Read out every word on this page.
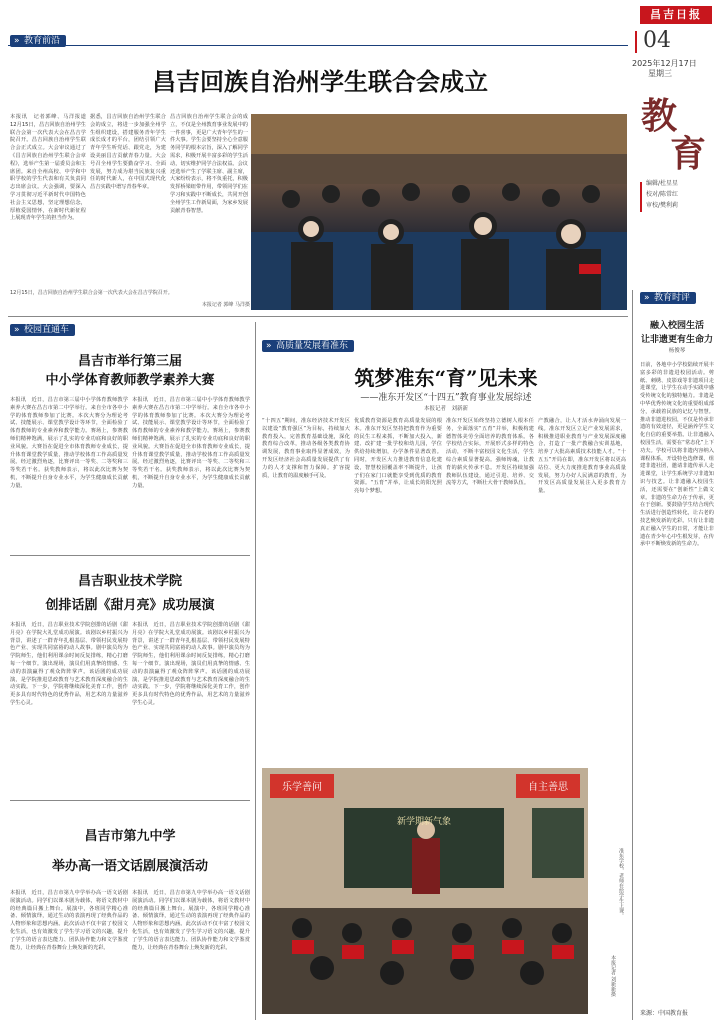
昌吉日报
04
2025年12月17日
星期三
教
育
编辑/杜星星
校对/陈常红
审校/樊利莉
» 教育前沿
昌吉回族自治州学生联合会成立
本报讯　记者郭峰、马洋报道　12月15日，昌吉回族自治州学生联合会第一次代表大会在昌吉学院召开。昌吉回族自治州学生联合会正式成立。大会审议通过了《昌吉回族自治州学生联合会章程》，选举产生第一届委员会和主席团。来自全州高校、中学和中职学校的学生代表和有关负责同志出席会议。大会强调，要深入学习贯彻习近平新时代中国特色社会主义思想，坚定理想信念，厚植爱国情怀，在新时代新征程上展现青年学生的担当作为。
据悉，昌吉回族自治州学生联合会的成立，将进一步加强全州学生组织建设，搭建服务青年学生成长成才的平台，团结引领广大青年学生听党话、跟党走，为建设美丽昌吉贡献青春力量。大会号召全州学生要勤奋学习、全面发展，努力成为堪当民族复兴重任的时代新人，在中国式现代化昌吉实践中谱写青春华章。
昌吉回族自治州学生联合会的成立，不仅是全州教育事业发展中的一件喜事，更是广大青年学生的一件大事。学生会要坚持全心全意服务同学的根本宗旨，深入了解同学需求，积极开展丰富多彩的学生活动，切实维护同学合法权益。会议还选举产生了学联主席、副主席，大家纷纷表示，将不负重托，积极发挥桥梁纽带作用，带领同学们在学习和实践中不断成长，共同开创全州学生工作新局面，为家乡发展贡献青春智慧。
12月15日，昌吉回族自治州学生联合会第一次代表大会在昌吉学院召开。
本报记者 郭峰 马洋摄
» 校园直通车
昌吉市举行第三届
中小学体育教师教学素养大赛
本报讯　近日，昌吉市第三届中小学体育教师教学素养大赛在昌吉市第二中学举行。来自全市各中小学的体育教师参加了比赛。本次大赛分为理论考试、技能展示、课堂教学设计等环节，全面检验了体育教师的专业素养和教学能力。赛场上，参赛教师们精神饱满，展示了扎实的专业功底和良好的职业风貌。大赛旨在促进全市体育教师专业成长，提升体育课堂教学质量，推动学校体育工作高质量发展。经过激烈角逐，比赛评出一等奖、二等奖和三等奖若干名。获奖教师表示，将以此次比赛为契机，不断提升自身专业水平，为学生健康成长贡献力量。
本报讯　近日，昌吉市第三届中小学体育教师教学素养大赛在昌吉市第二中学举行。来自全市各中小学的体育教师参加了比赛。本次大赛分为理论考试、技能展示、课堂教学设计等环节，全面检验了体育教师的专业素养和教学能力。赛场上，参赛教师们精神饱满，展示了扎实的专业功底和良好的职业风貌。大赛旨在促进全市体育教师专业成长，提升体育课堂教学质量，推动学校体育工作高质量发展。经过激烈角逐，比赛评出一等奖、二等奖和三等奖若干名。获奖教师表示，将以此次比赛为契机，不断提升自身专业水平，为学生健康成长贡献力量。
昌吉职业技术学院
创排话剧《甜月亮》成功展演
本报讯　近日，昌吉职业技术学院创排的话剧《甜月亮》在学院大礼堂成功展演。该剧以乡村振兴为背景，讲述了一群青年扎根基层、带领村民发展特色产业、实现共同富裕的动人故事。剧中演员均为学院师生，他们利用课余时间反复排练，精心打磨每一个细节。演出现场，演员们用真挚的情感、生动的表演赢得了观众阵阵掌声。该话剧的成功展演，是学院推进思政教育与艺术教育深度融合的生动实践。下一步，学院将继续深化美育工作，创作更多具有时代特色的优秀作品，用艺术的力量滋养学生心灵。
本报讯　近日，昌吉职业技术学院创排的话剧《甜月亮》在学院大礼堂成功展演。该剧以乡村振兴为背景，讲述了一群青年扎根基层、带领村民发展特色产业、实现共同富裕的动人故事。剧中演员均为学院师生，他们利用课余时间反复排练，精心打磨每一个细节。演出现场，演员们用真挚的情感、生动的表演赢得了观众阵阵掌声。该话剧的成功展演，是学院推进思政教育与艺术教育深度融合的生动实践。下一步，学院将继续深化美育工作，创作更多具有时代特色的优秀作品，用艺术的力量滋养学生心灵。
昌吉市第九中学
举办高一语文话剧展演活动
本报讯　近日，昌吉市第九中学举办高一语文话剧展演活动。同学们以课本剧为载体，将语文教材中的经典篇目搬上舞台。展演中，各班同学精心准备、倾情演绎，通过生动的表演再现了经典作品的人物形象和思想内涵。此次活动不仅丰富了校园文化生活，也有效激发了学生学习语文的兴趣，提升了学生的语言表达能力、团队协作能力和文学鉴赏能力，让经典在青春舞台上焕发新的光彩。
本报讯　近日，昌吉市第九中学举办高一语文话剧展演活动。同学们以课本剧为载体，将语文教材中的经典篇目搬上舞台。展演中，各班同学精心准备、倾情演绎，通过生动的表演再现了经典作品的人物形象和思想内涵。此次活动不仅丰富了校园文化生活，也有效激发了学生学习语文的兴趣，提升了学生的语言表达能力、团队协作能力和文学鉴赏能力，让经典在青春舞台上焕发新的光彩。
» 高质量发展看准东
筑梦准东“育”见未来
——准东开发区“十四五”教育事业发展综述
本报记者　刘新新
“十四五”期间，准东经济技术开发区以建设“教育强区”为目标，持续加大教育投入，完善教育基础设施，深化教育综合改革，推动各级各类教育协调发展，教育事业取得显著成效，为开发区经济社会高质量发展提供了有力的人才支撑和智力保障。扩容提质，让教育的温度触手可及。
优质教育资源是教育高质量发展的根本。准东开发区坚持把教育作为重要的民生工程来抓，不断加大投入，新建、改扩建一批学校和幼儿园，学位供给持续增加，办学条件显著改善。同时，开发区大力推进教育信息化建设，智慧校园覆盖率不断提升，让孩子们在家门口就能享受到优质的教育资源。“五育”并举，让成长的阳光照亮每个梦想。
准东开发区始终坚持立德树人根本任务，全面落实“五育”并举，积极构建德智体美劳全面培养的教育体系。各学校结合实际，开展形式多样的特色活动，不断丰富校园文化生活，学生综合素质显著提高。强师铸魂，让教育的薪火传承不息。开发区持续加强教师队伍建设，通过引进、培养、交流等方式，不断壮大骨干教师队伍。
产教融合，让人才活水奔涌向发展一线。准东开发区立足产业发展需求，积极推进职业教育与产业发展深度融合，打造了一批产教融合实训基地，培养了大批高素质技术技能人才。“十五五”开局在即，准东开发区将以更高站位、更大力度推进教育事业高质量发展，努力办好人民满意的教育，为开发区高质量发展注入更多教育力量。
乐学善问	自主善思
新学期新气象
准东学校，老师在给学生上课。
本报记者 刘新新摄
» 教育时评
融入校园生活
让非遗更有生命力
杨俊琴
日前，各地中小学校陆续开展丰富多彩的非遗进校园活动。剪纸、刺绣、皮影戏等非遗项目走进课堂，让学生在动手实践中感受传统文化的独特魅力。非遗是中华优秀传统文化的重要组成部分，承载着民族的记忆与智慧。推动非遗进校园，不仅是传承非遗的有效途径，更是涵养学生文化自信的重要举措。让非遗融入校园生活，需要在“常态化”上下功夫。学校可以将非遗内容纳入课程体系，开设特色选修课，组建非遗社团，邀请非遗传承人走进课堂，让学生系统学习非遗知识与技艺。让非遗融入校园生活，还需要在“创新性”上做文章。非遗的生命力在于传承，更在于创新。要鼓励学生结合现代生活进行创造性转化，让古老的技艺焕发新的光彩。只有让非遗真正融入学生的日常，才能让非遗在青少年心中生根发芽，在传承中不断焕发新的生命力。
来源：中国教育报
